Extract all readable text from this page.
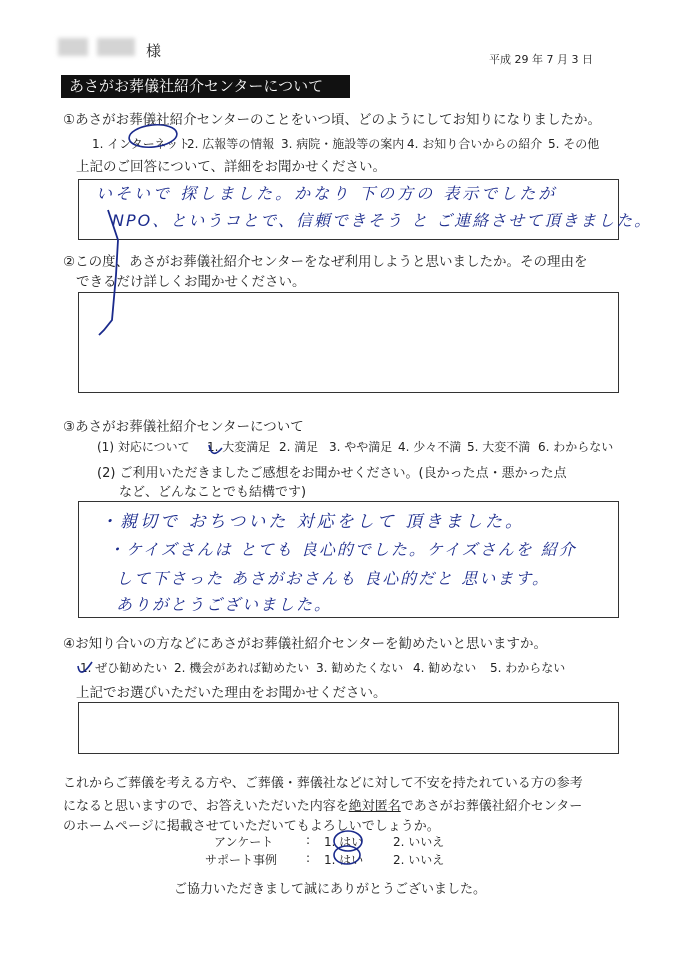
様	平成 29 年 7 月 3 日
あさがお葬儀社紹介センターについて
①あさがお葬儀社紹介センターのことをいつ頃、どのようにしてお知りになりましたか。
1. インターネット
2. 広報等の情報 3. 病院・施設等の案内 4. お知り合いからの紹介 5. その他
上記のご回答について、詳細をお聞かせください。
いそいで 探しました。かなり 下の方の 表示でしたが
NPO、というコとで、信頼できそう と ご連絡させて頂きました。
②この度、あさがお葬儀社紹介センターをなぜ利用しようと思いましたか。その理由を
できるだけ詳しくお聞かせください。
③あさがお葬儀社紹介センターについて
(1) 対応について 1. 大変満足 2. 満足 3. やや満足 4. 少々不満 5. 大変不満 6. わからない
(2) ご利用いただきましたご感想をお聞かせください。(良かった点・悪かった点
など、どんなことでも結構です)
・親切で おちついた 対応をして 頂きました。
・ケイズさんは とても 良心的でした。ケイズさんを 紹介
して下さった あさがおさんも 良心的だと 思います。
ありがとうございました。
④お知り合いの方などにあさがお葬儀社紹介センターを勧めたいと思いますか。
1. ぜひ勧めたい 2. 機会があれば勧めたい 3. 勧めたくない 4. 勧めない 5. わからない
上記でお選びいただいた理由をお聞かせください。
これからご葬儀を考える方や、ご葬儀・葬儀社などに対して不安を持たれている方の参考
になると思いますので、お答えいただいた内容を絶対匿名であさがお葬儀社紹介センター
のホームページに掲載させていただいてもよろしいでしょうか。
アンケート	: 1. はい 2. いいえ
サポート事例 : 1. はい 2. いいえ
ご協力いただきまして誠にありがとうございました。
